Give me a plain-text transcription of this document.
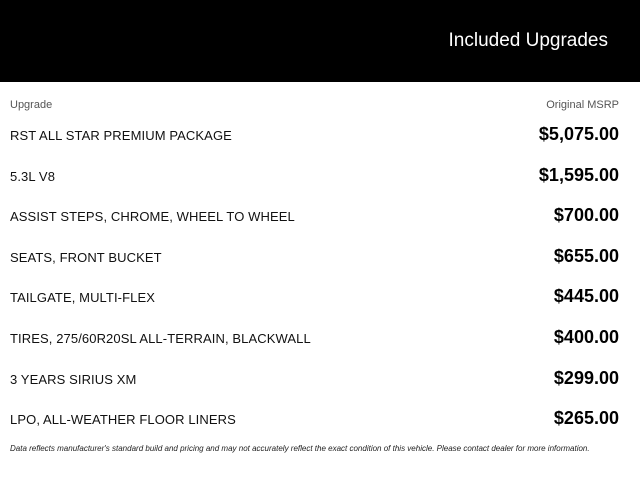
Included Upgrades
Upgrade	Original MSRP
RST ALL STAR PREMIUM PACKAGE	$5,075.00
5.3L V8	$1,595.00
ASSIST STEPS, CHROME, WHEEL TO WHEEL	$700.00
SEATS, FRONT BUCKET	$655.00
TAILGATE, MULTI-FLEX	$445.00
TIRES, 275/60R20SL ALL-TERRAIN, BLACKWALL	$400.00
3 YEARS SIRIUS XM	$299.00
LPO, ALL-WEATHER FLOOR LINERS	$265.00
Data reflects manufacturer's standard build and pricing and may not accurately reflect the exact condition of this vehicle. Please contact dealer for more information.
